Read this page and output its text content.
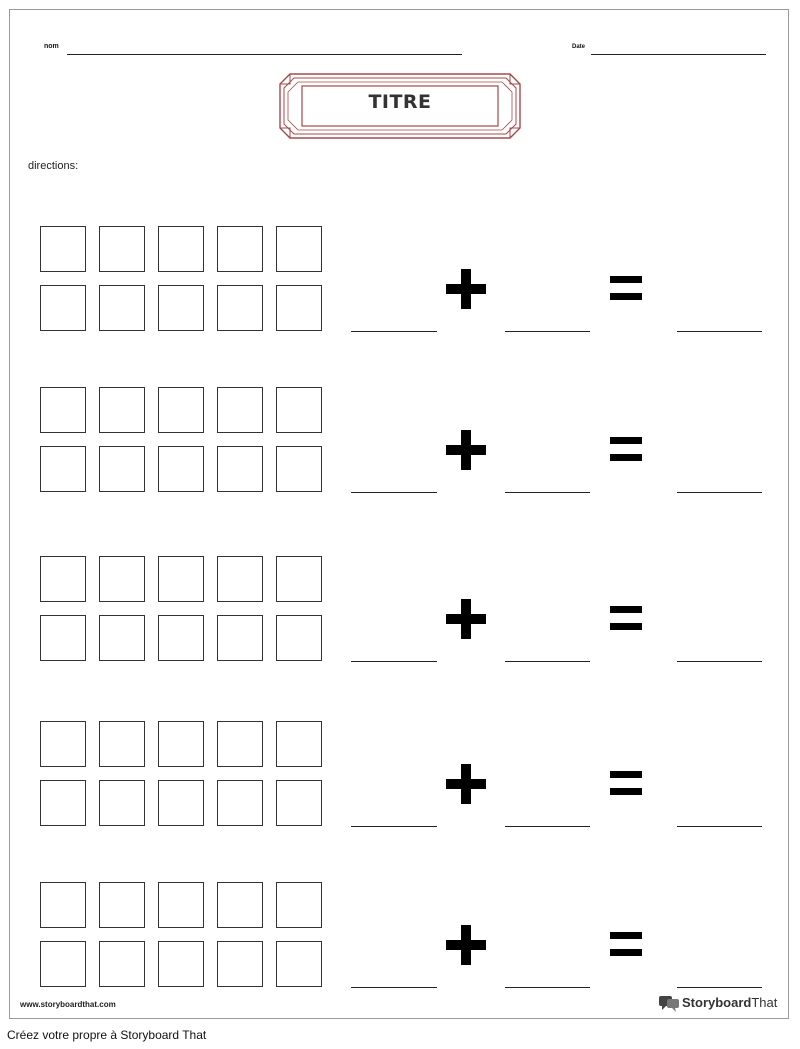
nom	Date
TITRE
directions:
www.storyboardthat.com	StoryboardThat
Créez votre propre à Storyboard That
